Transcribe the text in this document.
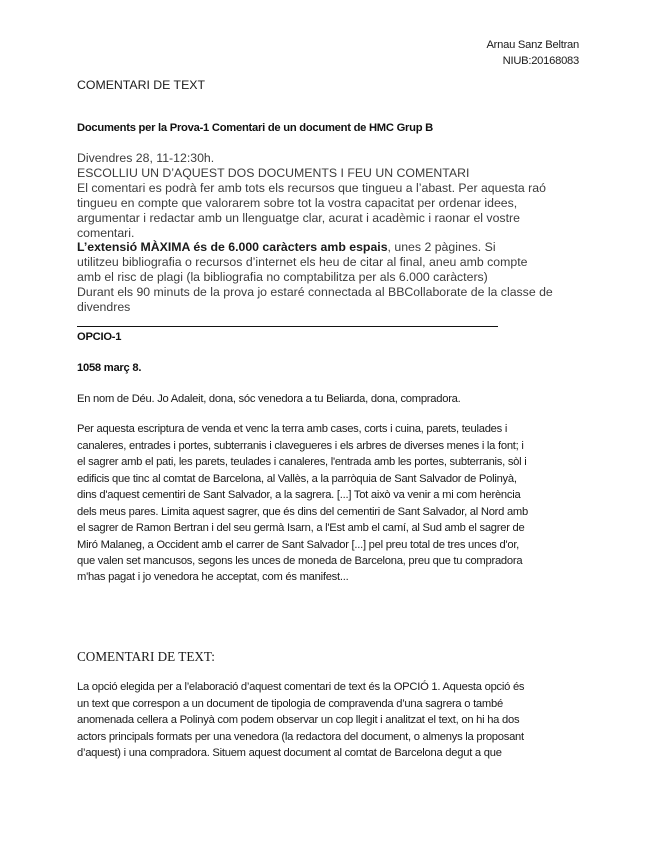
Arnau Sanz Beltran
NIUB:20168083
COMENTARI DE TEXT
Documents per la Prova-1 Comentari de un document de HMC Grup B
Divendres 28, 11-12:30h.
ESCOLLIU UN D’AQUEST DOS DOCUMENTS I FEU UN COMENTARI
El comentari es podrà fer amb tots els recursos que tingueu a l’abast. Per aquesta raó
tingueu en compte que valorarem sobre tot la vostra capacitat per ordenar idees,
argumentar i redactar amb un llenguatge clar, acurat i acadèmic i raonar el vostre
comentari.
L’extensió MÀXIMA és de 6.000 caràcters amb espais, unes 2 pàgines. Si
utilitzeu bibliografia o recursos d’internet els heu de citar al final, aneu amb compte
amb el risc de plagi (la bibliografia no comptabilitza per als 6.000 caràcters)
Durant els 90 minuts de la prova jo estaré connectada al BBCollaborate de la classe de
divendres
OPCIO-1
1058 març 8.
En nom de Déu. Jo Adaleit, dona, sóc venedora a tu Beliarda, dona, compradora.
Per aquesta escriptura de venda et venc la terra amb cases, corts i cuina, parets, teulades i
canaleres, entrades i portes, subterranis i clavegueres i els arbres de diverses menes i la font; i
el sagrer amb el pati, les parets, teulades i canaleres, l'entrada amb les portes, subterranis, sòl i
edificis que tinc al comtat de Barcelona, al Vallès, a la parròquia de Sant Salvador de Polinyà,
dins d'aquest cementiri de Sant Salvador, a la sagrera. [...] Tot això va venir a mi com herència
dels meus pares. Limita aquest sagrer, que és dins del cementiri de Sant Salvador, al Nord amb
el sagrer de Ramon Bertran i del seu germà Isarn, a l'Est amb el camí, al Sud amb el sagrer de
Miró Malaneg, a Occident amb el carrer de Sant Salvador [...] pel preu total de tres unces d'or,
que valen set mancusos, segons les unces de moneda de Barcelona, preu que tu compradora
m'has pagat i jo venedora he acceptat, com és manifest...
COMENTARI DE TEXT:
La opció elegida per a l’elaboració d’aquest comentari de text és la OPCIÓ 1. Aquesta opció és
un text que correspon a un document de tipologia de compravenda d’una sagrera o també
anomenada cellera a Polinyà com podem observar un cop llegit i analitzat el text, on hi ha dos
actors principals formats per una venedora (la redactora del document, o almenys la proposant
d’aquest) i una compradora. Situem aquest document al comtat de Barcelona degut a que
